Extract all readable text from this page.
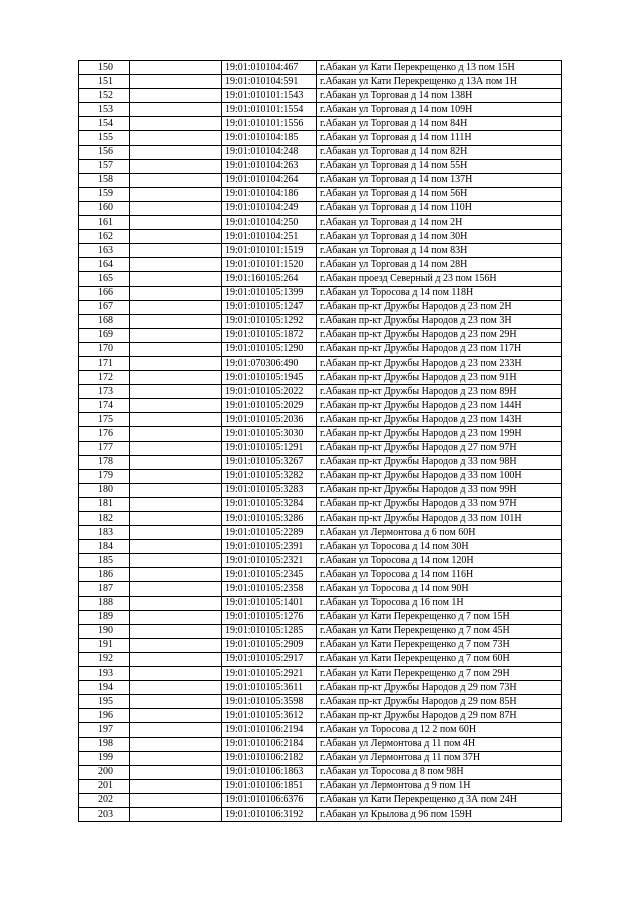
150		19:01:010104:467	г.Абакан ул Кати Перекрещенко д 13 пом 15Н
151		19:01:010104:591	г.Абакан ул Кати Перекрещенко д 13А пом 1Н
152		19:01:010101:1543	г.Абакан ул Торговая д 14 пом 138Н
153		19:01:010101:1554	г.Абакан ул Торговая д 14 пом 109Н
154		19:01:010101:1556	г.Абакан ул Торговая д 14 пом 84Н
155		19:01:010104:185	г.Абакан ул Торговая д 14 пом 111Н
156		19:01:010104:248	г.Абакан ул Торговая д 14 пом 82Н
157		19:01:010104:263	г.Абакан ул Торговая д 14 пом 55Н
158		19:01:010104:264	г.Абакан ул Торговая д 14 пом 137Н
159		19:01:010104:186	г.Абакан ул Торговая д 14 пом 56Н
160		19:01:010104:249	г.Абакан ул Торговая д 14 пом 110Н
161		19:01:010104:250	г.Абакан ул Торговая д 14 пом 2Н
162		19:01:010104:251	г.Абакан ул Торговая д 14 пом 30Н
163		19:01:010101:1519	г.Абакан ул Торговая д 14 пом 83Н
164		19:01:010101:1520	г.Абакан ул Торговая д 14 пом 28Н
165		19:01:160105:264	г.Абакан проезд Северный д 23 пом 156Н
166		19:01:010105:1399	г.Абакан ул Торосова д 14 пом 118Н
167		19:01:010105:1247	г.Абакан пр-кт Дружбы Народов д 23 пом 2Н
168		19:01:010105:1292	г.Абакан пр-кт Дружбы Народов д 23 пом 3Н
169		19:01:010105:1872	г.Абакан пр-кт Дружбы Народов д 23 пом 29Н
170		19:01:010105:1290	г.Абакан пр-кт Дружбы Народов д 23 пом 117Н
171		19:01:070306:490	г.Абакан пр-кт Дружбы Народов д 23 пом 233Н
172		19:01:010105:1945	г.Абакан пр-кт Дружбы Народов д 23 пом 91Н
173		19:01:010105:2022	г.Абакан пр-кт Дружбы Народов д 23 пом 89Н
174		19:01:010105:2029	г.Абакан пр-кт Дружбы Народов д 23 пом 144Н
175		19:01:010105:2036	г.Абакан пр-кт Дружбы Народов д 23 пом 143Н
176		19:01:010105:3030	г.Абакан пр-кт Дружбы Народов д 23 пом 199Н
177		19:01:010105:1291	г.Абакан пр-кт Дружбы Народов д 27 пом 97Н
178		19:01:010105:3267	г.Абакан пр-кт Дружбы Народов д 33 пом 98Н
179		19:01:010105:3282	г.Абакан пр-кт Дружбы Народов д 33 пом 100Н
180		19:01:010105:3283	г.Абакан пр-кт Дружбы Народов д 33 пом 99Н
181		19:01:010105:3284	г.Абакан пр-кт Дружбы Народов д 33 пом 97Н
182		19:01:010105:3286	г.Абакан пр-кт Дружбы Народов д 33 пом 101Н
183		19:01:010105:2289	г.Абакан ул Лермонтова д 6 пом 60Н
184		19:01:010105:2391	г.Абакан ул Торосова д 14 пом 30Н
185		19:01:010105:2321	г.Абакан ул Торосова д 14 пом 120Н
186		19:01:010105:2345	г.Абакан ул Торосова д 14 пом 116Н
187		19:01:010105:2358	г.Абакан ул Торосова д 14 пом 90Н
188		19:01:010105:1401	г.Абакан ул Торосова д 16 пом 1Н
189		19:01:010105:1276	г.Абакан ул Кати Перекрещенко д 7 пом 15Н
190		19:01:010105:1285	г.Абакан ул Кати Перекрещенко д 7 пом 45Н
191		19:01:010105:2909	г.Абакан ул Кати Перекрещенко д 7 пом 73Н
192		19:01:010105:2917	г.Абакан ул Кати Перекрещенко д 7 пом 60Н
193		19:01:010105:2921	г.Абакан ул Кати Перекрещенко д 7 пом 29Н
194		19:01:010105:3611	г.Абакан пр-кт Дружбы Народов д 29 пом 73Н
195		19:01:010105:3598	г.Абакан пр-кт Дружбы Народов д 29 пом 85Н
196		19:01:010105:3612	г.Абакан пр-кт Дружбы Народов д 29 пом 87Н
197		19:01:010106:2194	г.Абакан ул Торосова д 12 2 пом 60Н
198		19:01:010106:2184	г.Абакан ул Лермонтова д 11 пом 4Н
199		19:01:010106:2182	г.Абакан ул Лермонтова д 11 пом 37Н
200		19:01:010106:1863	г.Абакан ул Торосова д 8 пом 98Н
201		19:01:010106:1851	г.Абакан ул Лермонтова д 9 пом 1Н
202		19:01:010106:6376	г.Абакан ул Кати Перекрещенко д 3А пом 24Н
203		19:01:010106:3192	г.Абакан ул Крылова д 96 пом 159Н
